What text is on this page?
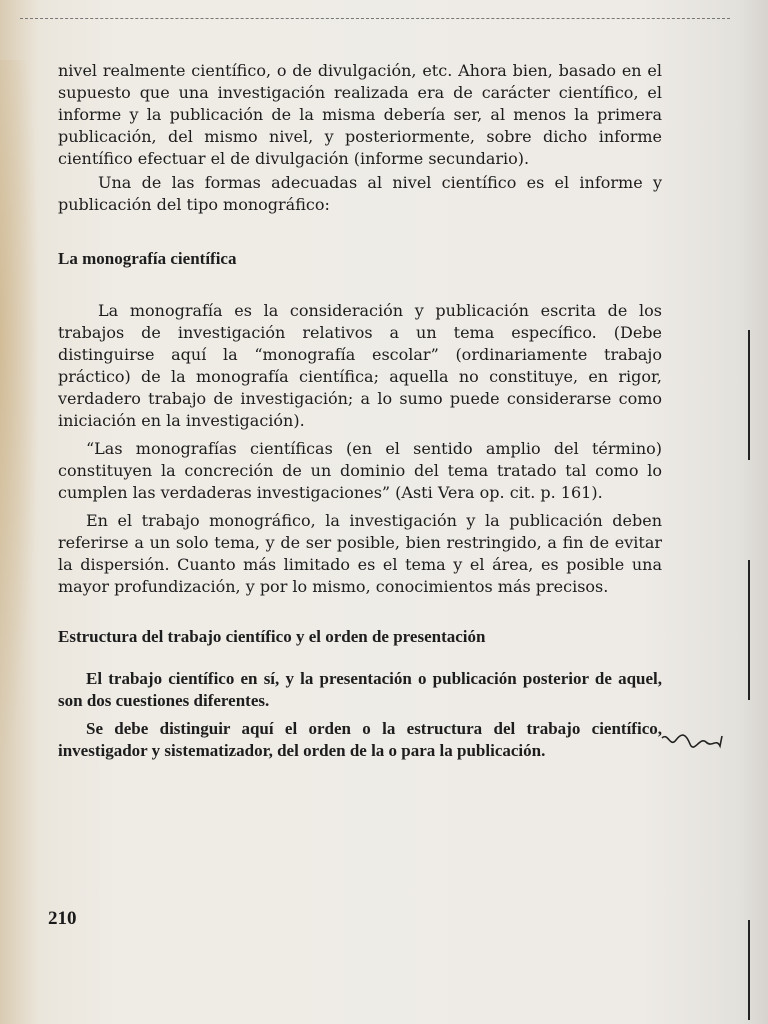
nivel realmente científico, o de divulgación, etc. Ahora bien, basado en el supuesto que una investigación realizada era de carácter científico, el informe y la publicación de la misma debería ser, al menos la primera publicación, del mismo nivel, y posteriormente, sobre dicho informe científico efectuar el de divulgación (informe secundario).

Una de las formas adecuadas al nivel científico es el informe y publicación del tipo monográfico:

La monografía científica

La monografía es la consideración y publicación escrita de los trabajos de investigación relativos a un tema específico. (Debe distinguirse aquí la “monografía escolar” (ordinariamente trabajo práctico) de la monografía científica; aquella no constituye, en rigor, verdadero trabajo de investigación; a lo sumo puede considerarse como iniciación en la investigación).

“Las monografías científicas (en el sentido amplio del término) constituyen la concreción de un dominio del tema tratado tal como lo cumplen las verdaderas investigaciones” (Asti Vera op. cit. p. 161).

En el trabajo monográfico, la investigación y la publicación deben referirse a un solo tema, y de ser posible, bien restringido, a fin de evitar la dispersión. Cuanto más limitado es el tema y el área, es posible una mayor profundización, y por lo mismo, conocimientos más precisos.

Estructura del trabajo científico y el orden de presentación

El trabajo científico en sí, y la presentación o publicación posterior de aquel, son dos cuestiones diferentes.

Se debe distinguir aquí el orden o la estructura del trabajo científico, investigador y sistematizador, del orden de la o para la publicación.

210
